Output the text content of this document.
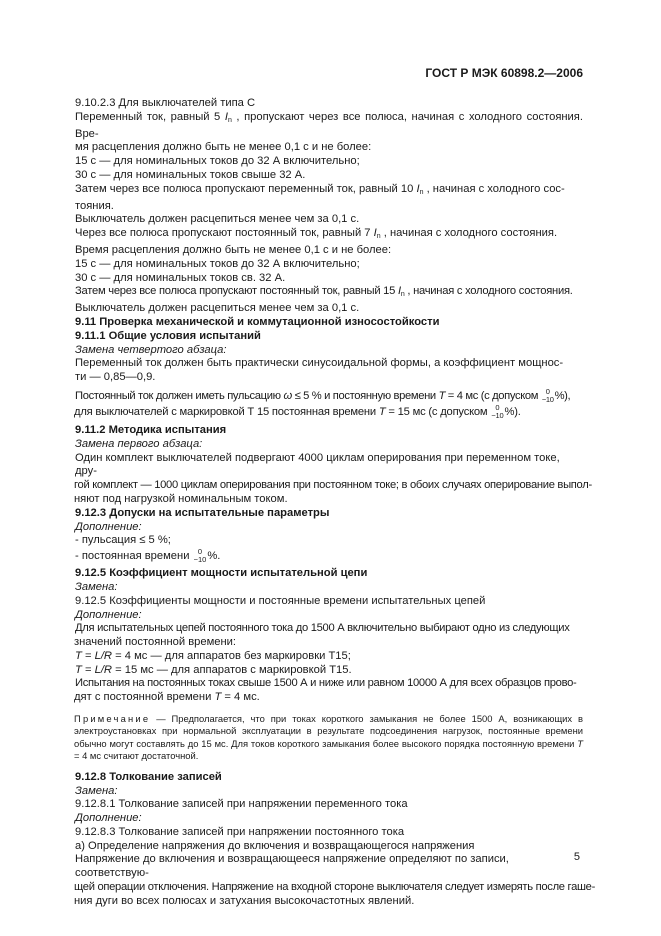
ГОСТ Р МЭК 60898.2—2006
9.10.2.3 Для выключателей типа С
Переменный ток, равный 5 $I_n$ , пропускают через все полюса, начиная с холодного состояния. Вре-
мя расцепления должно быть не менее 0,1 с и не более:
15 с — для номинальных токов до 32 А включительно;
30 с — для номинальных токов свыше 32 А.
Затем через все полюса пропускают переменный ток, равный 10 $I_n$ , начиная с холодного сос-
тояния.
Выключатель должен расцепиться менее чем за 0,1 с.
Через все полюса пропускают постоянный ток, равный 7 $I_n$ , начиная с холодного состояния.
Время расцепления должно быть не менее 0,1 с и не более:
15 с — для номинальных токов до 32 А включительно;
30 с — для номинальных токов св. 32 А.
Затем через все полюса пропускают постоянный ток, равный 15 $I_n$ , начиная с холодного состояния.
Выключатель должен расцепиться менее чем за 0,1 с.
9.11 Проверка механической и коммутационной износостойкости
9.11.1 Общие условия испытаний
Замена четвертого абзаца:
Переменный ток должен быть практически синусоидальной формы, а коэффициент мощнос-
ти — 0,85—0,9.
Постоянный ток должен иметь пульсацию ω ≤ 5 % и постоянную времени T = 4 мс (с допуском 0
−10 %),
для выключателей с маркировкой Т 15 постоянная времени T = 15 мс (с допуском 0
−10 %).
9.11.2 Методика испытания
Замена первого абзаца:
Один комплект выключателей подвергают 4000 циклам оперирования при переменном токе, дру-
гой комплект — 1000 циклам оперирования при постоянном токе; в обоих случаях оперирование выпол-
няют под нагрузкой номинальным током.
9.12.3 Допуски на испытательные параметры
Дополнение:
- пульсация ≤ 5 %;
- постоянная времени 0
−10 %.
9.12.5 Коэффициент мощности испытательной цепи
Замена:
9.12.5 Коэффициенты мощности и постоянные времени испытательных цепей
Дополнение:
Для испытательных цепей постоянного тока до 1500 А включительно выбирают одно из следующих
значений постоянной времени:
T = L/R = 4 мс — для аппаратов без маркировки Т15;
T = L/R = 15 мс — для аппаратов с маркировкой Т15.
Испытания на постоянных токах свыше 1500 А и ниже или равном 10000 А для всех образцов прово-
дят с постоянной времени T = 4 мс.
Примечание — Предполагается, что при токах короткого замыкания не более 1500 А, возникающих в электроустановках при нормальной эксплуатации в результате подсоединения нагрузок, постоянные времени обычно могут составлять до 15 мс. Для токов короткого замыкания более высокого порядка постоянную времени T = 4 мс считают достаточной.
9.12.8 Толкование записей
Замена:
9.12.8.1 Толкование записей при напряжении переменного тока
Дополнение:
9.12.8.3 Толкование записей при напряжении постоянного тока
а) Определение напряжения до включения и возвращающегося напряжения
Напряжение до включения и возвращающееся напряжение определяют по записи, соответствую-
щей операции отключения. Напряжение на входной стороне выключателя следует измерять после гаше-
ния дуги во всех полюсах и затухания высокочастотных явлений.
5
